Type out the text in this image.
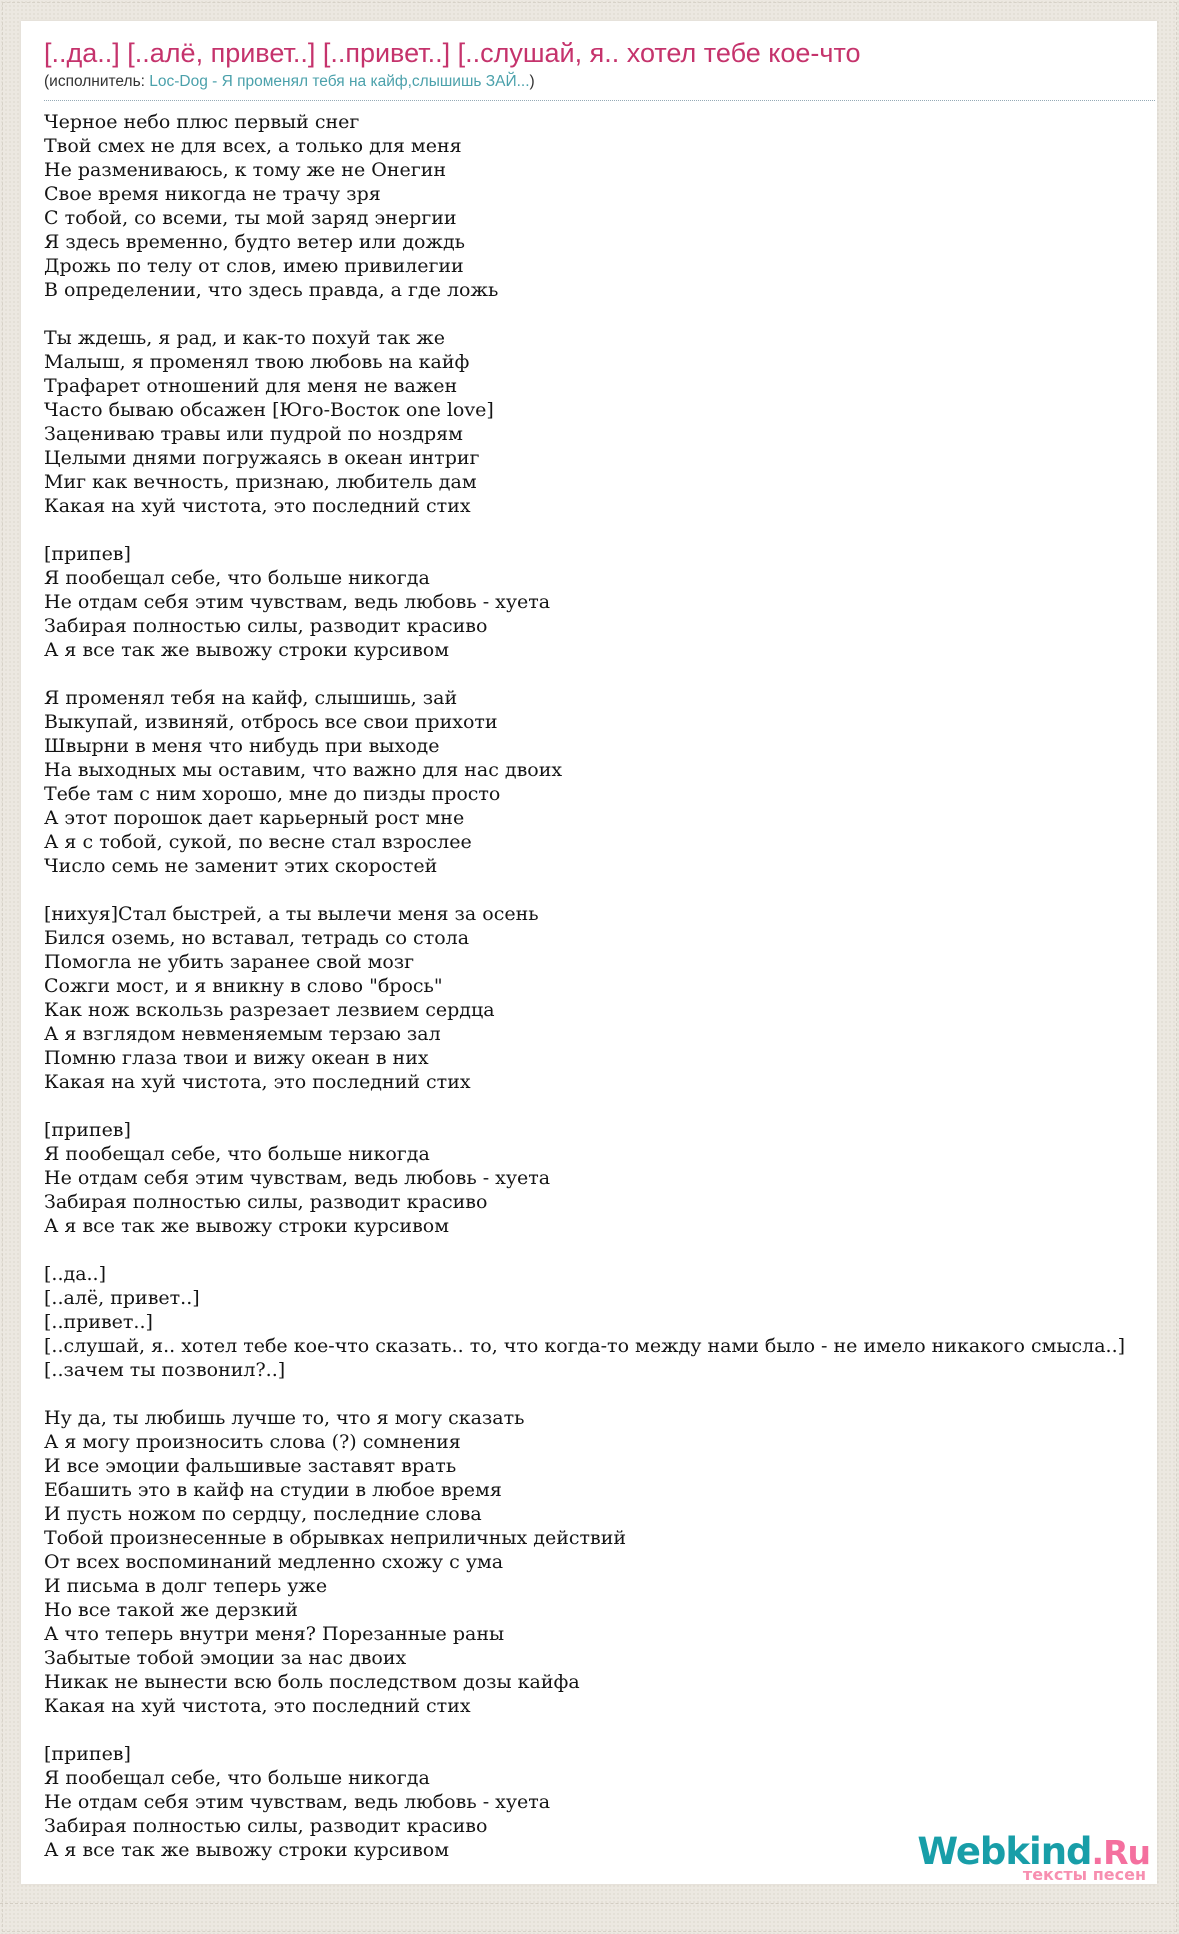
[..да..] [..алё, привет..] [..привет..] [..слушай, я.. хотел тебе кое-что
(исполнитель: Loc-Dog - Я променял тебя на кайф,слышишь ЗАЙ...)

Черное небо плюс первый снег
Твой смех не для всех, а только для меня
Не размениваюсь, к тому же не Онегин
Свое время никогда не трачу зря
С тобой, со всеми, ты мой заряд энергии
Я здесь временно, будто ветер или дождь
Дрожь по телу от слов, имею привилегии
В определении, что здесь правда, а где ложь

Ты ждешь, я рад, и как-то похуй так же
Малыш, я променял твою любовь на кайф
Трафарет отношений для меня не важен
Часто бываю обсажен [Юго-Восток one love]
Зацениваю травы или пудрой по ноздрям
Целыми днями погружаясь в океан интриг
Миг как вечность, признаю, любитель дам
Какая на хуй чистота, это последний стих

[припев]
Я пообещал себе, что больше никогда
Не отдам себя этим чувствам, ведь любовь - хуета
Забирая полностью силы, разводит красиво
А я все так же вывожу строки курсивом

Я променял тебя на кайф, слышишь, зай
Выкупай, извиняй, отбрось все свои прихоти
Швырни в меня что нибудь при выходе
На выходных мы оставим, что важно для нас двоих
Тебе там с ним хорошо, мне до пизды просто
А этот порошок дает карьерный рост мне
А я с тобой, сукой, по весне стал взрослее
Число семь не заменит этих скоростей

[нихуя]Стал быстрей, а ты вылечи меня за осень
Бился оземь, но вставал, тетрадь со стола
Помогла не убить заранее свой мозг
Сожги мост, и я вникну в слово "брось"
Как нож вскользь разрезает лезвием сердца
А я взглядом невменяемым терзаю зал
Помню глаза твои и вижу океан в них
Какая на хуй чистота, это последний стих

[припев]
Я пообещал себе, что больше никогда
Не отдам себя этим чувствам, ведь любовь - хуета
Забирая полностью силы, разводит красиво
А я все так же вывожу строки курсивом

[..да..]
[..алё, привет..]
[..привет..]
[..слушай, я.. хотел тебе кое-что сказать.. то, что когда-то между нами было - не имело никакого смысла..]
[..зачем ты позвонил?..]

Ну да, ты любишь лучше то, что я могу сказать
А я могу произносить слова (?) сомнения
И все эмоции фальшивые заставят врать
Ебашить это в кайф на студии в любое время
И пусть ножом по сердцу, последние слова
Тобой произнесенные в обрывках неприличных действий
От всех воспоминаний медленно схожу с ума
И письма в долг теперь уже
Но все такой же дерзкий
А что теперь внутри меня? Порезанные раны
Забытые тобой эмоции за нас двоих
Никак не вынести всю боль последством дозы кайфа
Какая на хуй чистота, это последний стих

[припев]
Я пообещал себе, что больше никогда
Не отдам себя этим чувствам, ведь любовь - хуета
Забирая полностью силы, разводит красиво
А я все так же вывожу строки курсивом	Webkind.Ru
тексты песен
